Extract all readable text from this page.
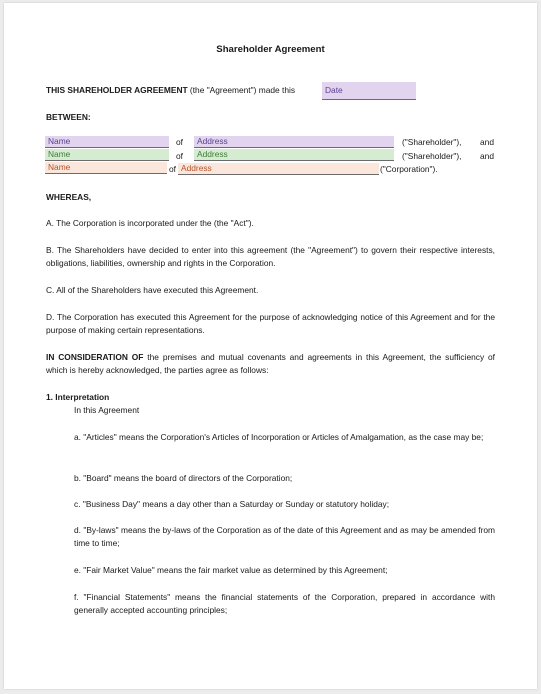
Shareholder Agreement
THIS SHAREHOLDER AGREEMENT (the "Agreement") made this	Date
BETWEEN:
Name	of	Address	("Shareholder"), and
Name	of	Address	("Shareholder"), and
Name	of Address	("Corporation").
WHEREAS,
A. The Corporation is incorporated under the (the "Act").
B. The Shareholders have decided to enter into this agreement (the "Agreement") to govern their respective interests, obligations, liabilities, ownership and rights in the Corporation.
C. All of the Shareholders have executed this Agreement.
D. The Corporation has executed this Agreement for the purpose of acknowledging notice of this Agreement and for the purpose of making certain representations.
IN CONSIDERATION OF the premises and mutual covenants and agreements in this Agreement, the sufficiency of which is hereby acknowledged, the parties agree as follows:
1. Interpretation
In this Agreement
a. "Articles" means the Corporation's Articles of Incorporation or Articles of Amalgamation, as the case may be;
b. "Board" means the board of directors of the Corporation;
c. "Business Day" means a day other than a Saturday or Sunday or statutory holiday;
d. "By-laws" means the by-laws of the Corporation as of the date of this Agreement and as may be amended from time to time;
e. "Fair Market Value" means the fair market value as determined by this Agreement;
f. "Financial Statements" means the financial statements of the Corporation, prepared in accordance with generally accepted accounting principles;
